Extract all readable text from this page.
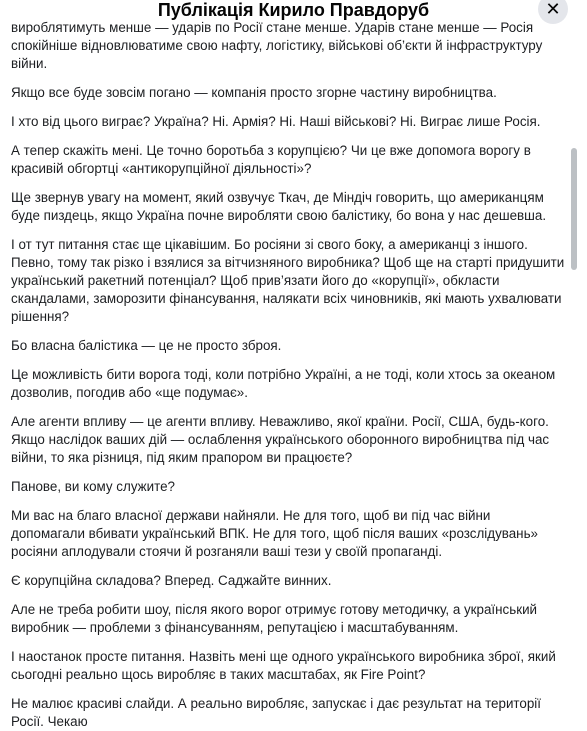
Публікація Кирило Правдоруб	✕

вироблятимуть менше — ударів по Росії стане менше. Ударів стане менше — Росія спокійніше відновлюватиме свою нафту, логістику, військові об’єкти й інфраструктуру війни.

Якщо все буде зовсім погано — компанія просто згорне частину виробництва.

І хто від цього виграє? Україна? Ні. Армія? Ні. Наші військові? Ні. Виграє лише Росія.

А тепер скажіть мені. Це точно боротьба з корупцією? Чи це вже допомога ворогу в красивій обгортці «антикорупційної діяльності»?

Ще звернув увагу на момент, який озвучує Ткач, де Міндіч говорить, що американцям буде пиздець, якщо Україна почне виробляти свою балістику, бо вона у нас дешевша.

І от тут питання стає ще цікавішим. Бо росіяни зі свого боку, а американці з іншого. Певно, тому так різко і взялися за вітчизняного виробника? Щоб ще на старті придушити український ракетний потенціал? Щоб прив’язати його до «корупції», обкласти скандалами, заморозити фінансування, налякати всіх чиновників, які мають ухвалювати рішення?

Бо власна балістика — це не просто зброя.

Це можливість бити ворога тоді, коли потрібно Україні, а не тоді, коли хтось за океаном дозволив, погодив або «ще подумає».

Але агенти впливу — це агенти впливу. Неважливо, якої країни. Росії, США, будь-кого. Якщо наслідок ваших дій — ослаблення українського оборонного виробництва під час війни, то яка різниця, під яким прапором ви працюєте?

Панове, ви кому служите?

Ми вас на благо власної держави найняли. Не для того, щоб ви під час війни допомагали вбивати український ВПК. Не для того, щоб після ваших «розслідувань» росіяни аплодували стоячи й розганяли ваші тези у своїй пропаганді.

Є корупційна складова? Вперед. Саджайте винних.

Але не треба робити шоу, після якого ворог отримує готову методичку, а український виробник — проблеми з фінансуванням, репутацією і масштабуванням.

І наостанок просте питання. Назвіть мені ще одного українського виробника зброї, який сьогодні реально щось виробляє в таких масштабах, як Fire Point?

Не малює красиві слайди. А реально виробляє, запускає і дає результат на території Росії. Чекаю
